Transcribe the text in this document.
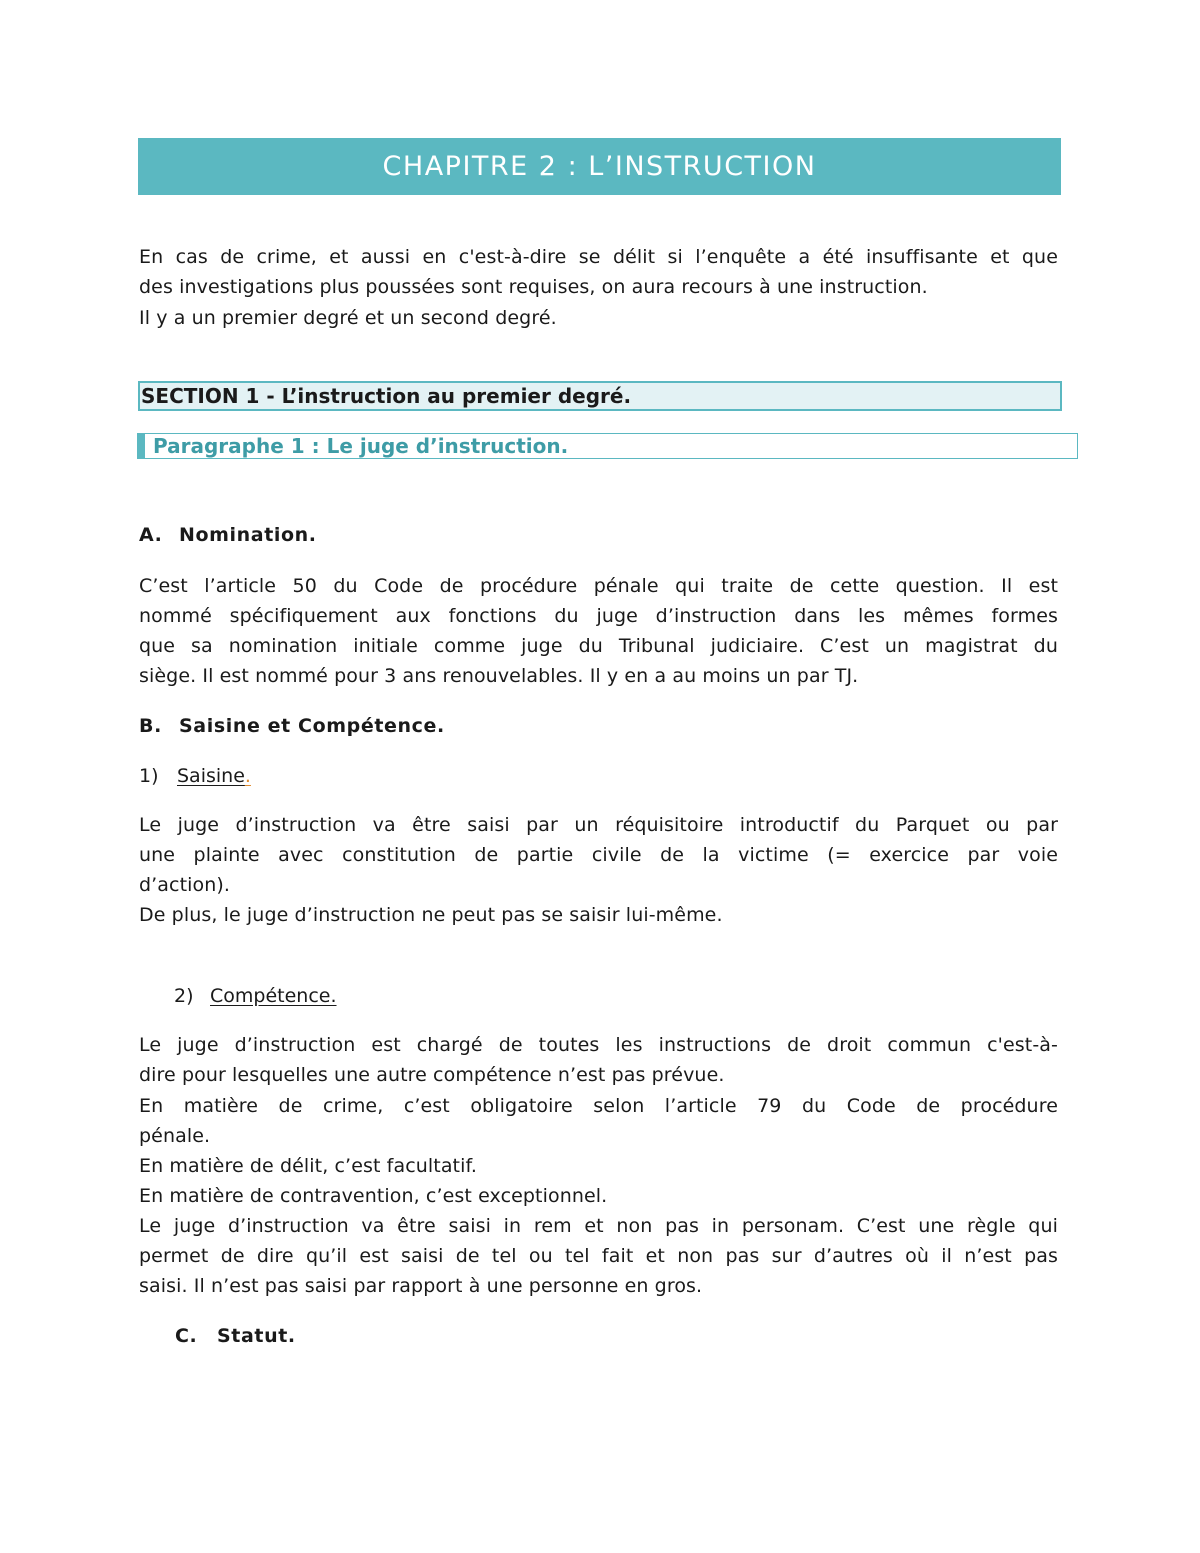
CHAPITRE 2 : L’INSTRUCTION
En cas de crime, et aussi en c'est-à-dire se délit si l’enquête a été insuffisante et que
des investigations plus poussées sont requises, on aura recours à une instruction.
Il y a un premier degré et un second degré.
SECTION 1 - L’instruction au premier degré.
Paragraphe 1 : Le juge d’instruction.
A. Nomination.
C’est l’article 50 du Code de procédure pénale qui traite de cette question. Il est
nommé spécifiquement aux fonctions du juge d’instruction dans les mêmes formes
que sa nomination initiale comme juge du Tribunal judiciaire. C’est un magistrat du
siège. Il est nommé pour 3 ans renouvelables. Il y en a au moins un par TJ.
B. Saisine et Compétence.
1) Saisine.
Le juge d’instruction va être saisi par un réquisitoire introductif du Parquet ou par
une plainte avec constitution de partie civile de la victime (= exercice par voie
d’action).
De plus, le juge d’instruction ne peut pas se saisir lui-même.
2) Compétence.
Le juge d’instruction est chargé de toutes les instructions de droit commun c'est-à-
dire pour lesquelles une autre compétence n’est pas prévue.
En matière de crime, c’est obligatoire selon l’article 79 du Code de procédure
pénale.
En matière de délit, c’est facultatif.
En matière de contravention, c’est exceptionnel.
Le juge d’instruction va être saisi in rem et non pas in personam. C’est une règle qui
permet de dire qu’il est saisi de tel ou tel fait et non pas sur d’autres où il n’est pas
saisi. Il n’est pas saisi par rapport à une personne en gros.
C. Statut.
